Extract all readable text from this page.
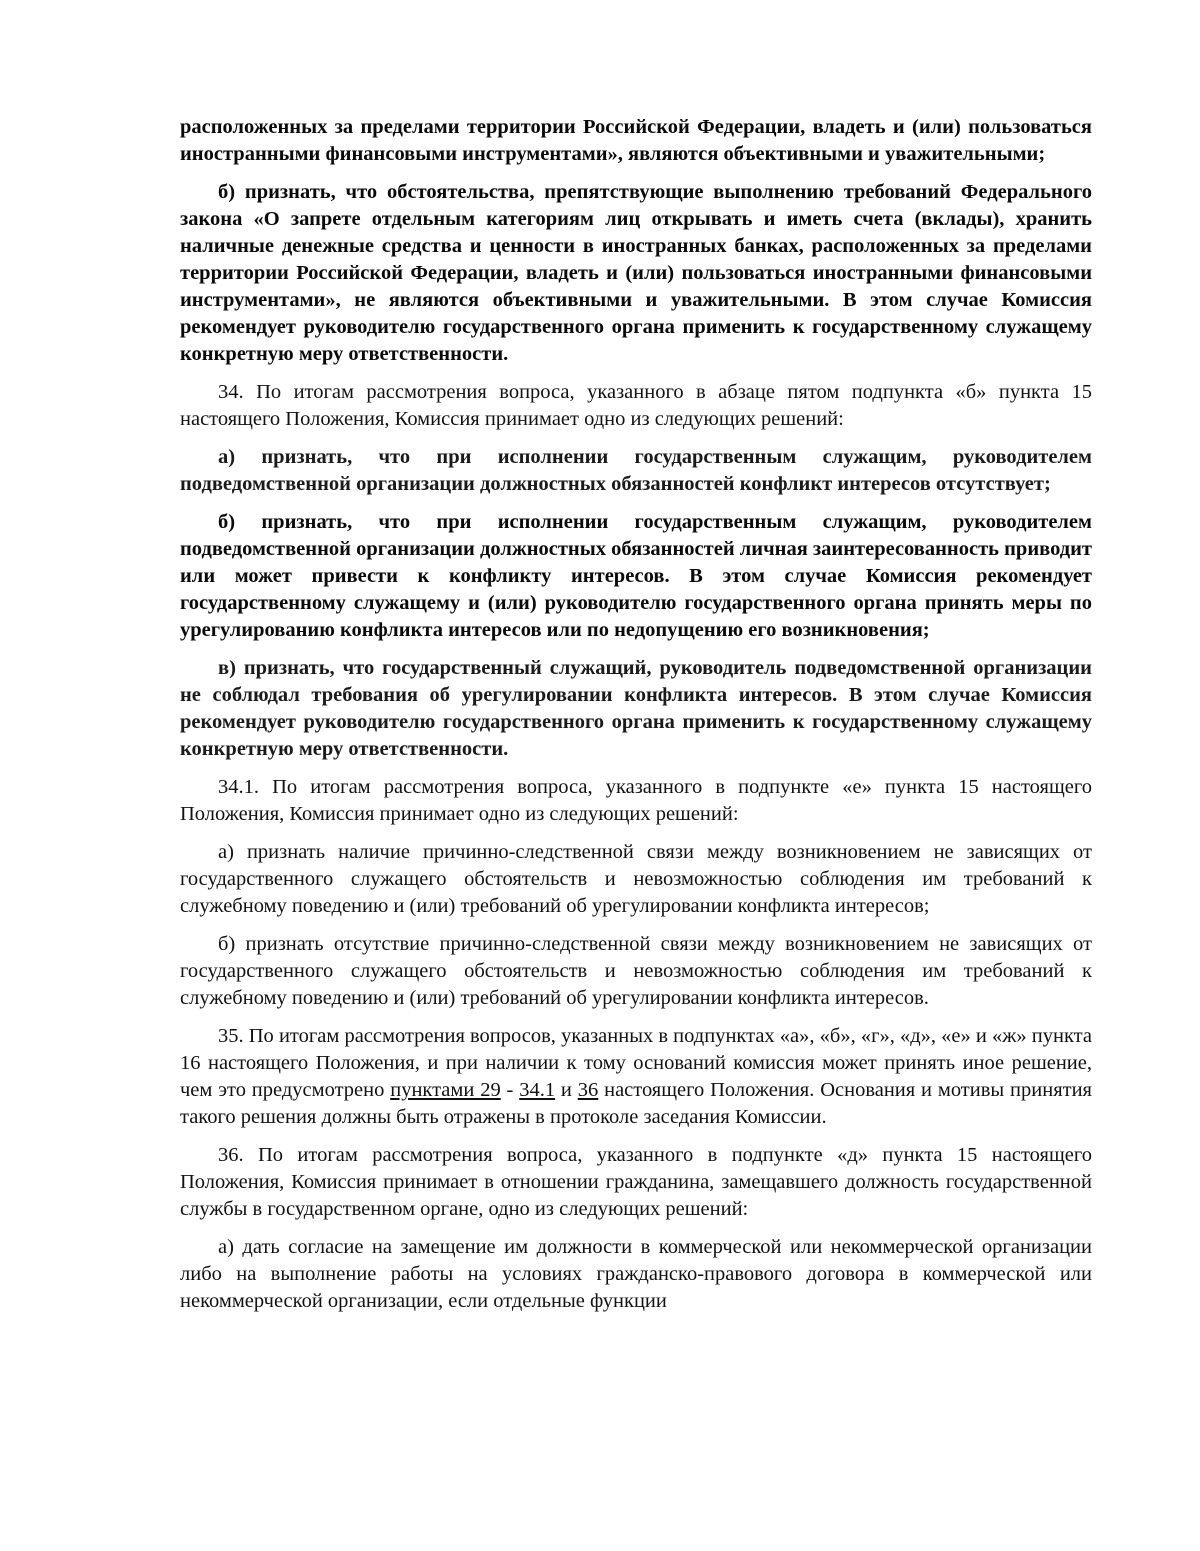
расположенных за пределами территории Российской Федерации, владеть и (или) пользоваться иностранными финансовыми инструментами», являются объективными и уважительными;

б) признать, что обстоятельства, препятствующие выполнению требований Федерального закона «О запрете отдельным категориям лиц открывать и иметь счета (вклады), хранить наличные денежные средства и ценности в иностранных банках, расположенных за пределами территории Российской Федерации, владеть и (или) пользоваться иностранными финансовыми инструментами», не являются объективными и уважительными. В этом случае Комиссия рекомендует руководителю государственного органа применить к государственному служащему конкретную меру ответственности.

34. По итогам рассмотрения вопроса, указанного в абзаце пятом подпункта «б» пункта 15 настоящего Положения, Комиссия принимает одно из следующих решений:

а) признать, что при исполнении государственным служащим, руководителем подведомственной организации должностных обязанностей конфликт интересов отсутствует;

б) признать, что при исполнении государственным служащим, руководителем подведомственной организации должностных обязанностей личная заинтересованность приводит или может привести к конфликту интересов. В этом случае Комиссия рекомендует государственному служащему и (или) руководителю государственного органа принять меры по урегулированию конфликта интересов или по недопущению его возникновения;

в) признать, что государственный служащий, руководитель подведомственной организации не соблюдал требования об урегулировании конфликта интересов. В этом случае Комиссия рекомендует руководителю государственного органа применить к государственному служащему конкретную меру ответственности.

34.1. По итогам рассмотрения вопроса, указанного в подпункте «е» пункта 15 настоящего Положения, Комиссия принимает одно из следующих решений:

а) признать наличие причинно-следственной связи между возникновением не зависящих от государственного служащего обстоятельств и невозможностью соблюдения им требований к служебному поведению и (или) требований об урегулировании конфликта интересов;

б) признать отсутствие причинно-следственной связи между возникновением не зависящих от государственного служащего обстоятельств и невозможностью соблюдения им требований к служебному поведению и (или) требований об урегулировании конфликта интересов.

35. По итогам рассмотрения вопросов, указанных в подпунктах «а», «б», «г», «д», «е» и «ж» пункта 16 настоящего Положения, и при наличии к тому оснований комиссия может принять иное решение, чем это предусмотрено пунктами 29 - 34.1 и 36 настоящего Положения. Основания и мотивы принятия такого решения должны быть отражены в протоколе заседания Комиссии.

36. По итогам рассмотрения вопроса, указанного в подпункте «д» пункта 15 настоящего Положения, Комиссия принимает в отношении гражданина, замещавшего должность государственной службы в государственном органе, одно из следующих решений:

а) дать согласие на замещение им должности в коммерческой или некоммерческой организации либо на выполнение работы на условиях гражданско-правового договора в коммерческой или некоммерческой организации, если отдельные функции
